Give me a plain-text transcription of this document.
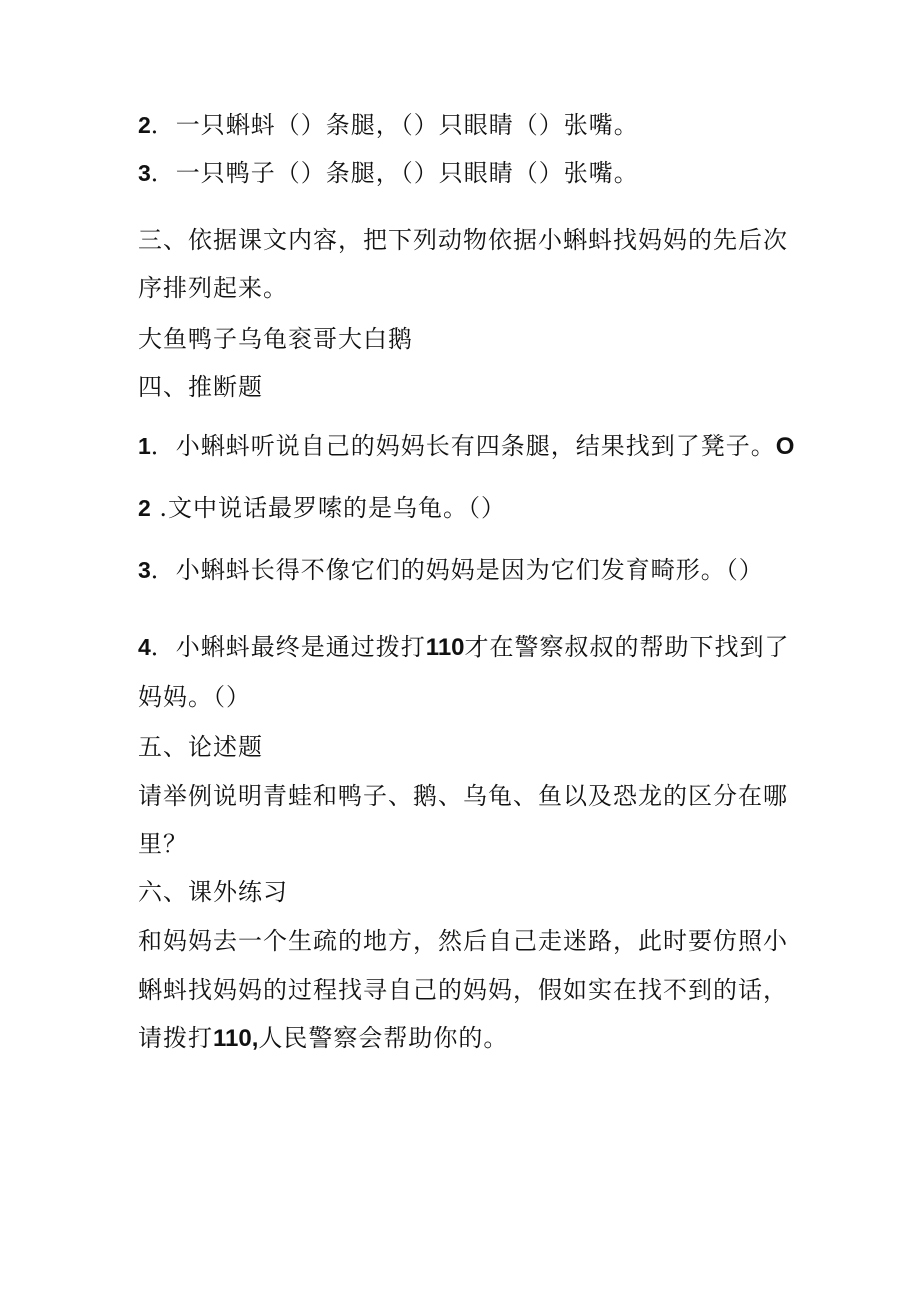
2．一只蝌蚪（）条腿，（）只眼睛（）张嘴。
3．一只鸭子（）条腿，（）只眼睛（）张嘴。
三、依据课文内容，把下列动物依据小蝌蚪找妈妈的先后次
序排列起来。
大鱼鸭子乌龟衮哥大白鹅
四、推断题
1．小蝌蚪听说自己的妈妈长有四条腿，结果找到了凳子。O
2 .文中说话最罗嗦的是乌龟。（）
3．小蝌蚪长得不像它们的妈妈是因为它们发育畸形。（）
4．小蝌蚪最终是通过拨打110才在警察叔叔的帮助下找到了
妈妈。（）
五、论述题
请举例说明青蛙和鸭子、鹅、乌龟、鱼以及恐龙的区分在哪
里？
六、课外练习
和妈妈去一个生疏的地方，然后自己走迷路，此时要仿照小
蝌蚪找妈妈的过程找寻自己的妈妈，假如实在找不到的话，
请拨打110,人民警察会帮助你的。
